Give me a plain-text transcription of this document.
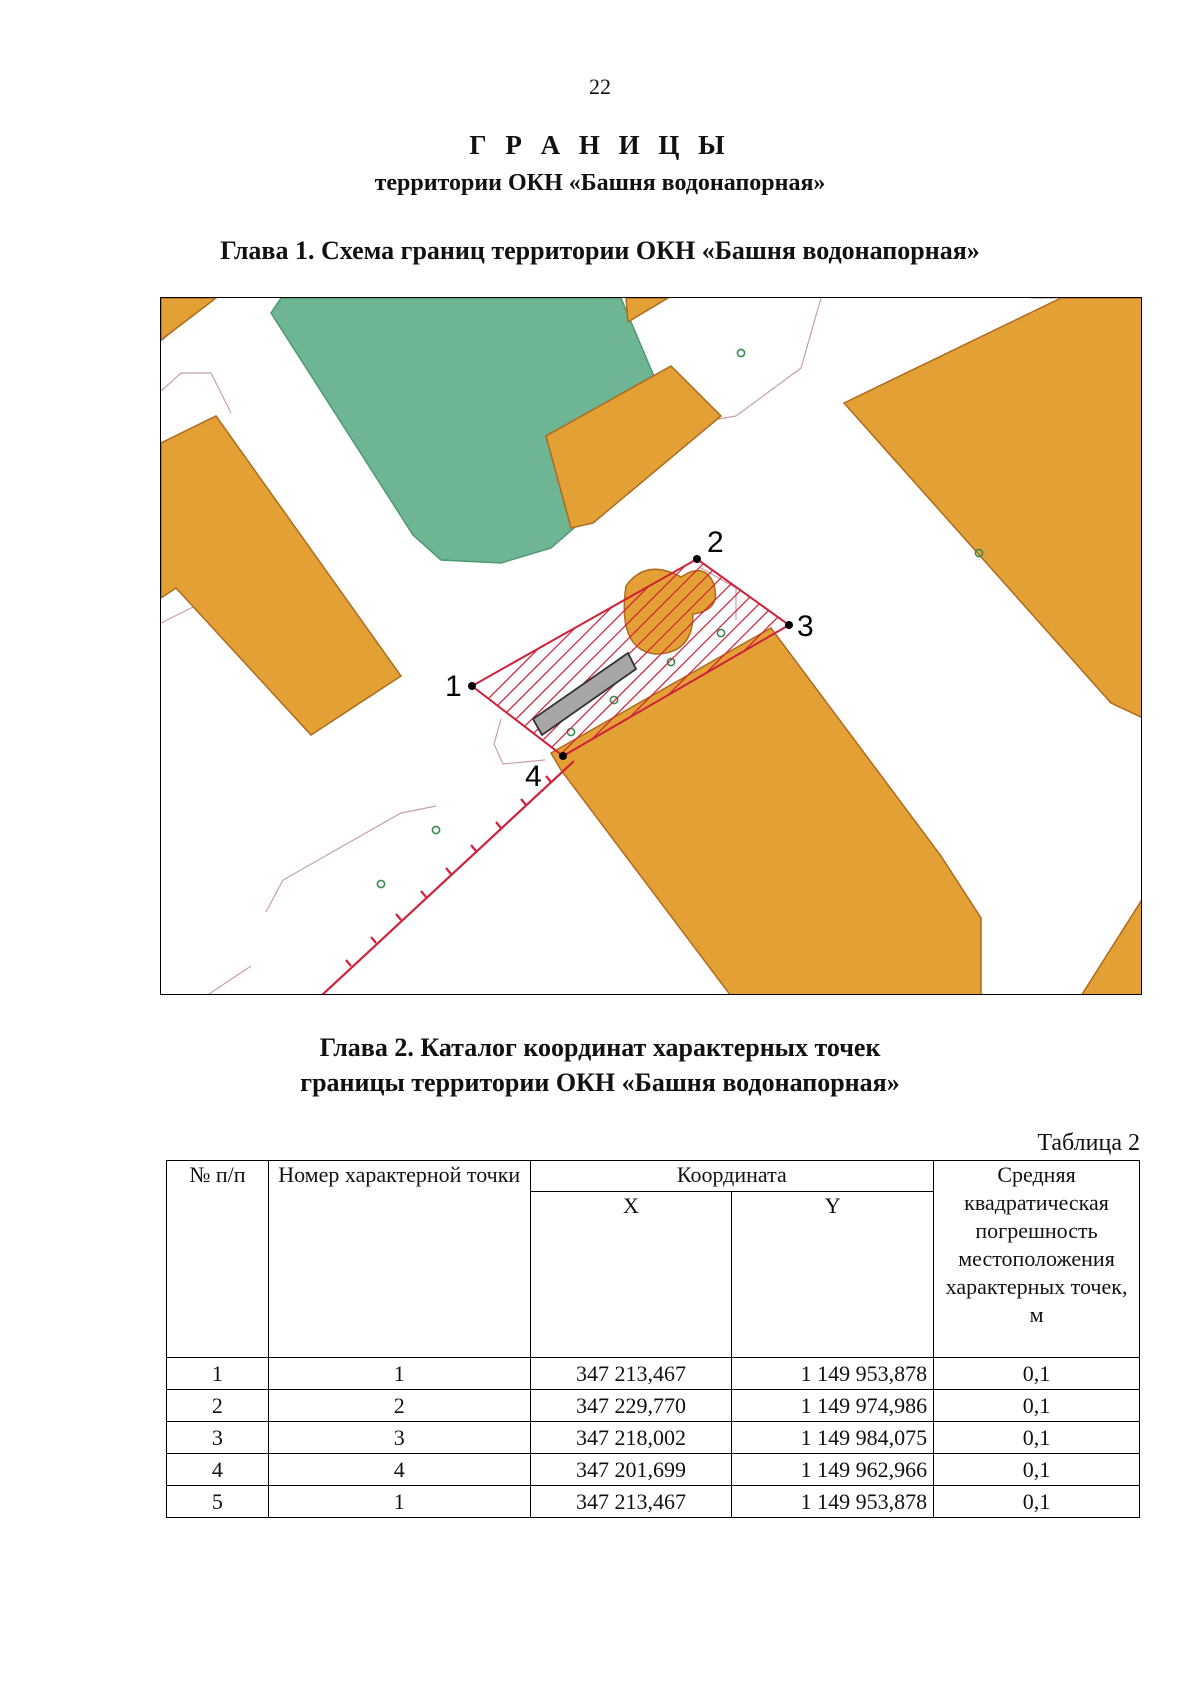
22
Г Р А Н И Ц Ы
территории ОКН «Башня водонапорная»
Глава 1. Схема границ территории ОКН «Башня водонапорная»
1
2
3
4
Глава 2. Каталог координат характерных точек
границы территории ОКН «Башня водонапорная»
Таблица 2
№ п/п	Номер характерной точки	Координата		Средняя квадратическая погрешность местоположения характерных точек, м
		X	Y	
1	1	347 213,467	1 149 953,878	0,1
2	2	347 229,770	1 149 974,986	0,1
3	3	347 218,002	1 149 984,075	0,1
4	4	347 201,699	1 149 962,966	0,1
5	1	347 213,467	1 149 953,878	0,1
